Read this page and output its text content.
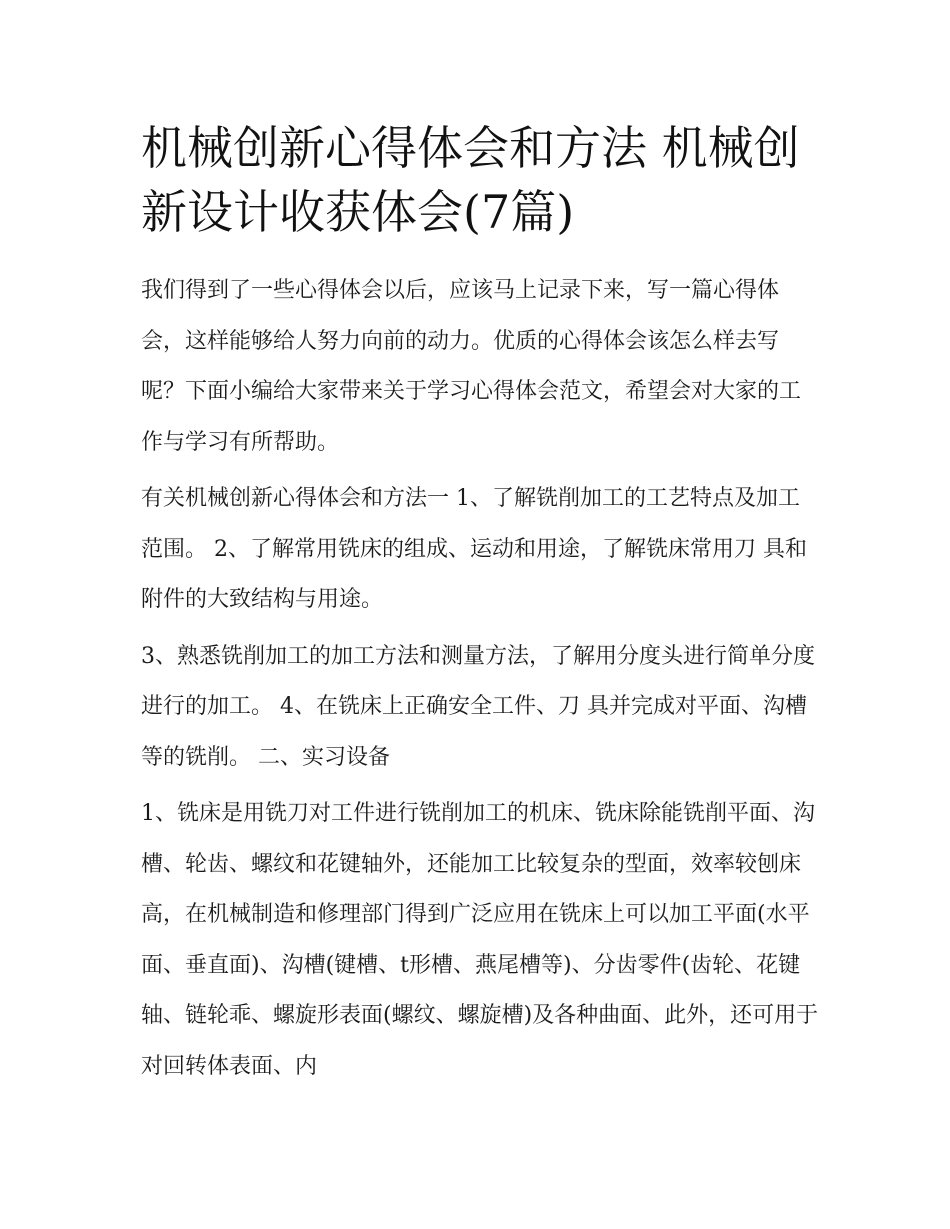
机械创新心得体会和方法 机械创新设计收获体会(7篇)

我们得到了一些心得体会以后，应该马上记录下来，写一篇心得体会，这样能够给人努力向前的动力。优质的心得体会该怎么样去写呢？下面小编给大家带来关于学习心得体会范文，希望会对大家的工作与学习有所帮助。

有关机械创新心得体会和方法一 1、了解铣削加工的工艺特点及加工范围。 2、了解常用铣床的组成、运动和用途，了解铣床常用刀 具和附件的大致结构与用途。

3、熟悉铣削加工的加工方法和测量方法，了解用分度头进行简单分度进行的加工。 4、在铣床上正确安全工件、刀 具并完成对平面、沟槽等的铣削。 二、实习设备

1、铣床是用铣刀对工件进行铣削加工的机床、铣床除能铣削平面、沟槽、轮齿、螺纹和花键轴外，还能加工比较复杂的型面，效率较刨床高，在机械制造和修理部门得到广泛应用在铣床上可以加工平面(水平面、垂直面)、沟槽(键槽、t形槽、燕尾槽等)、分齿零件(齿轮、花键轴、链轮乖、螺旋形表面(螺纹、螺旋槽)及各种曲面、此外，还可用于对回转体表面、内
